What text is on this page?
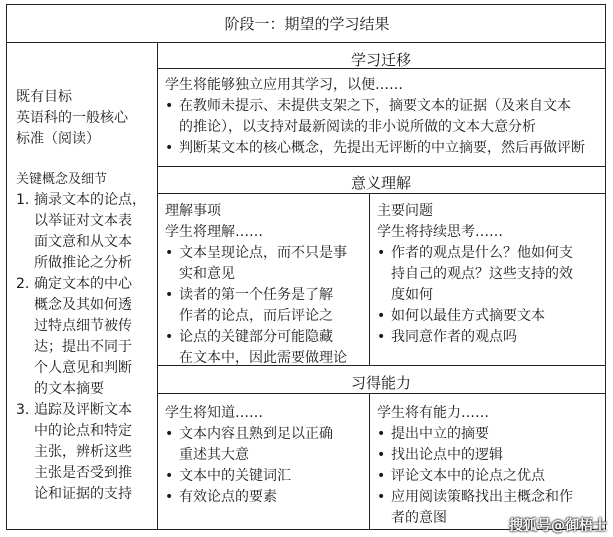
阶段一：期望的学习结果
既有目标
英语科的一般核心
标准（阅读）
关键概念及细节
1. 摘录文本的论点，
以举证对文本表
面文意和从文本
所做推论之分析
2. 确定文本的中心
概念及其如何透
过特点细节被传
达；提出不同于
个人意见和判断
的文本摘要
3. 追踪及评断文本
中的论点和特定
主张，辨析这些
主张是否受到推
论和证据的支持
学习迁移
学生将能够独立应用其学习，以便……
• 在教师未提示、未提供支架之下，摘要文本的证据（及来自文本
的推论），以支持对最新阅读的非小说所做的文本大意分析
• 判断某文本的核心概念，先提出无评断的中立摘要，然后再做评断
意义理解
理解事项
学生将理解……
• 文本呈现论点，而不只是事
实和意见
• 读者的第一个任务是了解
作者的论点，而后评论之
• 论点的关键部分可能隐藏
在文本中，因此需要做理论
主要问题
学生将持续思考……
• 作者的观点是什么？他如何支
持自己的观点？这些支持的效
度如何
• 如何以最佳方式摘要文本
• 我同意作者的观点吗
习得能力
学生将知道……
• 文本内容且熟到足以正确
重述其大意
• 文本中的关键词汇
• 有效论点的要素
学生将有能力……
• 提出中立的摘要
• 找出论点中的逻辑
• 评论文本中的论点之优点
• 应用阅读策略找出主概念和作
者的意图	搜狐号@御梧士
